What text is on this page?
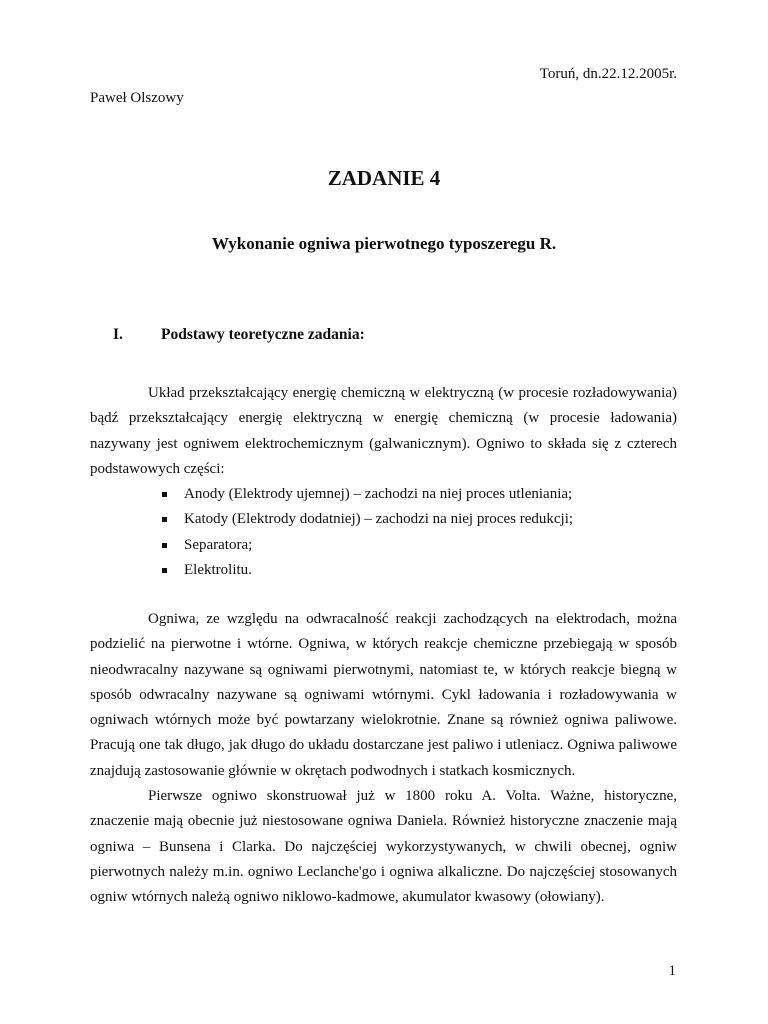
Toruń, dn.22.12.2005r.
Paweł Olszowy
ZADANIE 4
Wykonanie ogniwa pierwotnego typoszeregu R.
I. Podstawy teoretyczne zadania:

Układ przekształcający energię chemiczną w elektryczną (w procesie rozładowywania) bądź przekształcający energię elektryczną w energię chemiczną (w procesie ładowania) nazywany jest ogniwem elektrochemicznym (galwanicznym). Ogniwo to składa się z czterech podstawowych części:

Anody (Elektrody ujemnej) – zachodzi na niej proces utleniania;
Katody (Elektrody dodatniej) – zachodzi na niej proces redukcji;
Separatora;
Elektrolitu.

Ogniwa, ze względu na odwracalność reakcji zachodzących na elektrodach, można podzielić na pierwotne i wtórne. Ogniwa, w których reakcje chemiczne przebiegają w sposób nieodwracalny nazywane są ogniwami pierwotnymi, natomiast te, w których reakcje biegną w sposób odwracalny nazywane są ogniwami wtórnymi. Cykl ładowania i rozładowywania w ogniwach wtórnych może być powtarzany wielokrotnie. Znane są również ogniwa paliwowe. Pracują one tak długo, jak długo do układu dostarczane jest paliwo i utleniacz. Ogniwa paliwowe znajdują zastosowanie głównie w okrętach podwodnych i statkach kosmicznych.

Pierwsze ogniwo skonstruował już w 1800 roku A. Volta. Ważne, historyczne, znaczenie mają obecnie już niestosowane ogniwa Daniela. Również historyczne znaczenie mają ogniwa – Bunsena i Clarka. Do najczęściej wykorzystywanych, w chwili obecnej, ogniw pierwotnych należy m.in. ogniwo Leclanche'go i ogniwa alkaliczne. Do najczęściej stosowanych ogniw wtórnych należą ogniwo niklowo-kadmowe, akumulator kwasowy (ołowiany).

1
